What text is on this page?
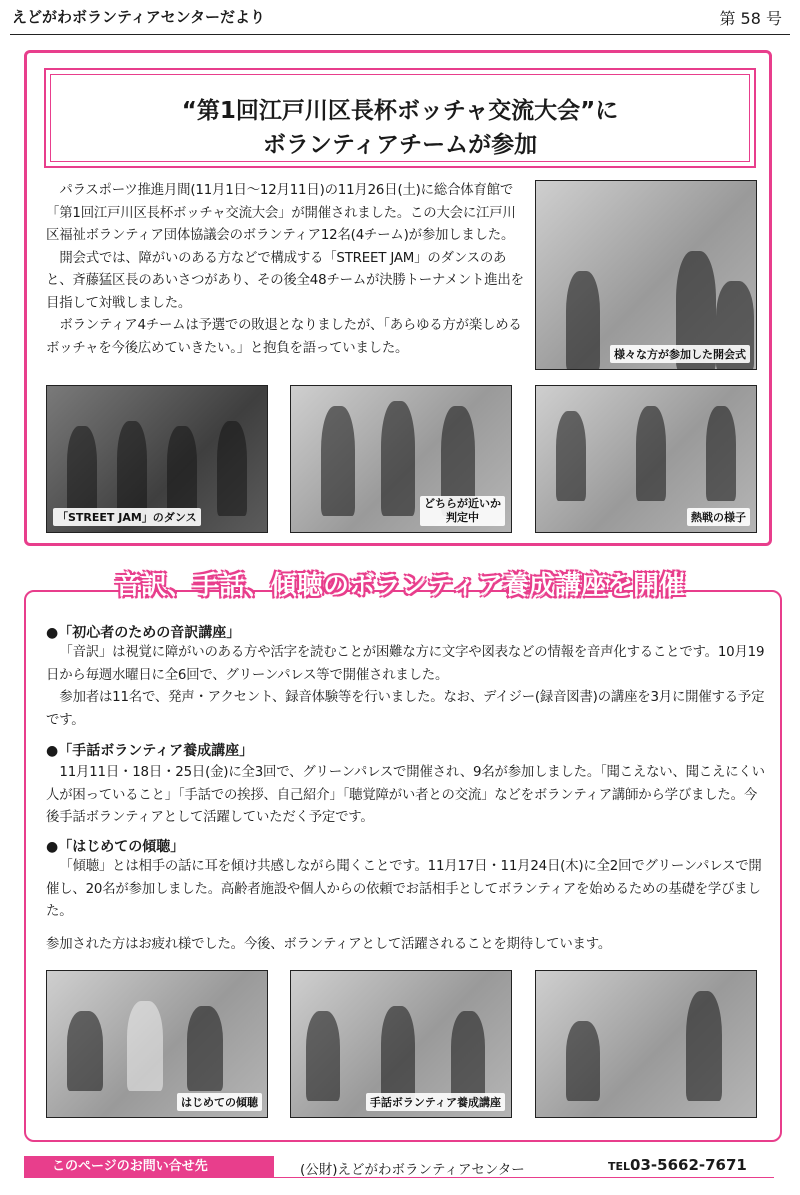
えどがわボランティアセンターだより	第 58 号
“第1回江戸川区長杯ボッチャ交流大会”に
ボランティアチームが参加

パラスポーツ推進月間(11月1日～12月11日)の11月26日(土)に総合体育館で「第1回江戸川区長杯ボッチャ交流大会」が開催されました。この大会に江戸川区福祉ボランティア団体協議会のボランティア12名(4チーム)が参加しました。

開会式では、障がいのある方などで構成する「STREET JAM」のダンスのあと、斉藤猛区長のあいさつがあり、その後全48チームが決勝トーナメント進出を目指して対戦しました。

ボランティア4チームは予選での敗退となりましたが、「あらゆる方が楽しめるボッチャを今後広めていきたい。」と抱負を語っていました。	様々な方が参加した開会式
「STREET JAM」のダンス
どちらが近いか
判定中	熱戦の様子
音訳、手話、傾聴のボランティア養成講座を開催
●「初心者のための音訳講座」

「音訳」は視覚に障がいのある方や活字を読むことが困難な方に文字や図表などの情報を音声化することです。10月19日から毎週水曜日に全6回で、グリーンパレス等で開催されました。

参加者は11名で、発声・アクセント、録音体験等を行いました。なお、デイジー(録音図書)の講座を3月に開催する予定です。

●「手話ボランティア養成講座」

11月11日・18日・25日(金)に全3回で、グリーンパレスで開催され、9名が参加しました。「聞こえない、聞こえにくい人が困っていること」「手話での挨拶、自己紹介」「聴覚障がい者との交流」などをボランティア講師から学びました。今後手話ボランティアとして活躍していただく予定です。

●「はじめての傾聴」

「傾聴」とは相手の話に耳を傾け共感しながら聞くことです。11月17日・11月24日(木)に全2回でグリーンパレスで開催し、20名が参加しました。高齢者施設や個人からの依頼でお話相手としてボランティアを始めるための基礎を学びました。

参加された方はお疲れ様でした。今後、ボランティアとして活躍されることを期待しています。
はじめての傾聴	手話ボランティア養成講座
このページのお問い合せ先	(公財)えどがわボランティアセンター	TEL03-5662-7671
